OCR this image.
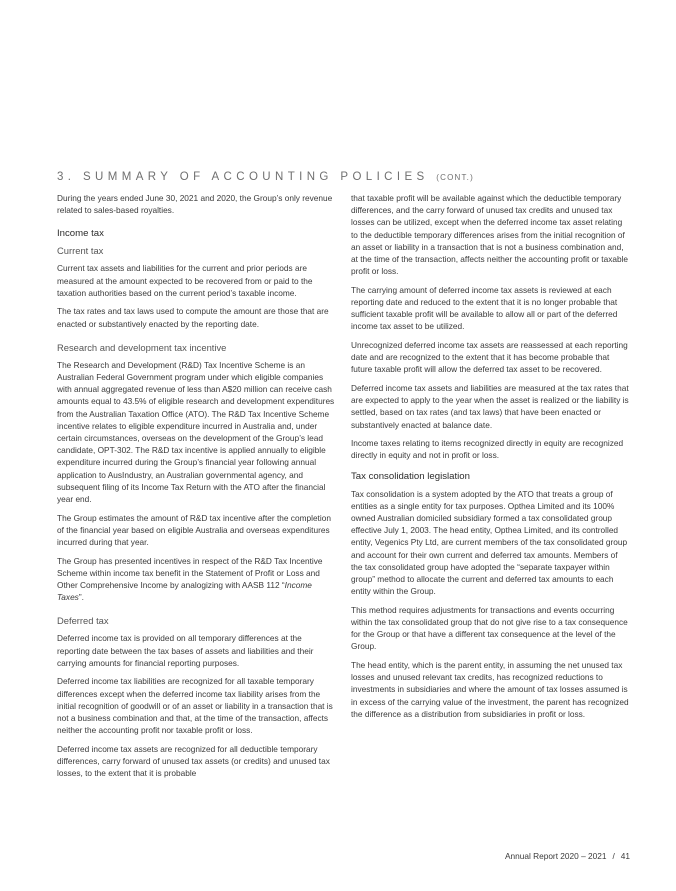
3. SUMMARY OF ACCOUNTING POLICIES (CONT.)

During the years ended June 30, 2021 and 2020, the Group’s only revenue related to sales-based royalties.

Income tax
Current tax

Current tax assets and liabilities for the current and prior periods are measured at the amount expected to be recovered from or paid to the taxation authorities based on the current period’s taxable income.

The tax rates and tax laws used to compute the amount are those that are enacted or substantively enacted by the reporting date.

Research and development tax incentive

The Research and Development (R&D) Tax Incentive Scheme is an Australian Federal Government program under which eligible companies with annual aggregated revenue of less than A$20 million can receive cash amounts equal to 43.5% of eligible research and development expenditures from the Australian Taxation Office (ATO). The R&D Tax Incentive Scheme incentive relates to eligible expenditure incurred in Australia and, under certain circumstances, overseas on the development of the Group’s lead candidate, OPT-302. The R&D tax incentive is applied annually to eligible expenditure incurred during the Group’s financial year following annual application to AusIndustry, an Australian governmental agency, and subsequent filing of its Income Tax Return with the ATO after the financial year end.

The Group estimates the amount of R&D tax incentive after the completion of the financial year based on eligible Australia and overseas expenditures incurred during that year.

The Group has presented incentives in respect of the R&D Tax Incentive Scheme within income tax benefit in the Statement of Profit or Loss and Other Comprehensive Income by analogizing with AASB 112 “Income Taxes”.

Deferred tax

Deferred income tax is provided on all temporary differences at the reporting date between the tax bases of assets and liabilities and their carrying amounts for financial reporting purposes.

Deferred income tax liabilities are recognized for all taxable temporary differences except when the deferred income tax liability arises from the initial recognition of goodwill or of an asset or liability in a transaction that is not a business combination and that, at the time of the transaction, affects neither the accounting profit nor taxable profit or loss.

Deferred income tax assets are recognized for all deductible temporary differences, carry forward of unused tax assets (or credits) and unused tax losses, to the extent that it is probable

that taxable profit will be available against which the deductible temporary differences, and the carry forward of unused tax credits and unused tax losses can be utilized, except when the deferred income tax asset relating to the deductible temporary differences arises from the initial recognition of an asset or liability in a transaction that is not a business combination and, at the time of the transaction, affects neither the accounting profit or taxable profit or loss.

The carrying amount of deferred income tax assets is reviewed at each reporting date and reduced to the extent that it is no longer probable that sufficient taxable profit will be available to allow all or part of the deferred income tax asset to be utilized.

Unrecognized deferred income tax assets are reassessed at each reporting date and are recognized to the extent that it has become probable that future taxable profit will allow the deferred tax asset to be recovered.

Deferred income tax assets and liabilities are measured at the tax rates that are expected to apply to the year when the asset is realized or the liability is settled, based on tax rates (and tax laws) that have been enacted or substantively enacted at balance date.

Income taxes relating to items recognized directly in equity are recognized directly in equity and not in profit or loss.

Tax consolidation legislation

Tax consolidation is a system adopted by the ATO that treats a group of entities as a single entity for tax purposes. Opthea Limited and its 100% owned Australian domiciled subsidiary formed a tax consolidated group effective July 1, 2003. The head entity, Opthea Limited, and its controlled entity, Vegenics Pty Ltd, are current members of the tax consolidated group and account for their own current and deferred tax amounts. Members of the tax consolidated group have adopted the “separate taxpayer within group” method to allocate the current and deferred tax amounts to each entity within the Group.

This method requires adjustments for transactions and events occurring within the tax consolidated group that do not give rise to a tax consequence for the Group or that have a different tax consequence at the level of the Group.

The head entity, which is the parent entity, in assuming the net unused tax losses and unused relevant tax credits, has recognized reductions to investments in subsidiaries and where the amount of tax losses assumed is in excess of the carrying value of the investment, the parent has recognized the difference as a distribution from subsidiaries in profit or loss.

Annual Report 2020 – 2021 / 41
